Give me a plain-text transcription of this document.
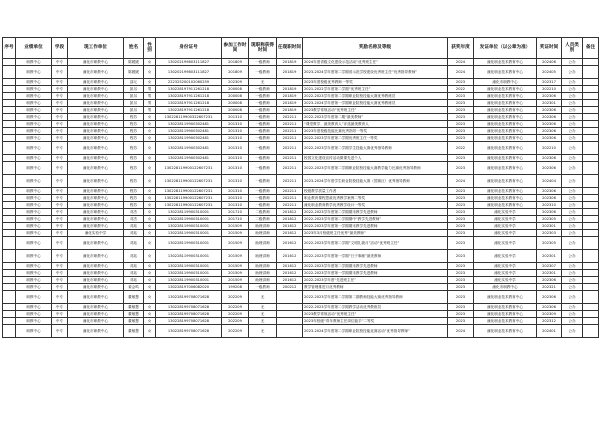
序号	业绩单位	学段	现工作单位	姓名	性别	身份证号	参加工作时间	现职称获得时间	任现职时间	奖励名称及等级	获奖年度	发证单位（以公章为准）	奖证时间	人员类别	备注
	职教中心	中专	潼化市职教中心	陈媛媛	女	130202199803111827	201809	一级教师	201819	2024年度省级文化建设示范活动“优秀班主任”	2024	潼化职业技术教育中心	202406	公办	
	职教中心	中专	潼化市职教中心	陈媛媛	女	130202199803111827	201809	一级教师	201819	2023-2024学年度第二学期省示范学校建设优秀班主任“优秀指导教师”	2024	潼化职业技术教育中心	202405	公办	
	职教中心	中专	潼化市职教中心	邵元	女	222325200102060259	202309	无		2023年度校级优秀教师一等奖	2023	潼化市职教中心	202317	公办	
	职教中心	中专	潼化市职教中心	凯另	男	130228197911261218	200008	一级教师	201819	2021-2022学年度第二学期“优秀班主任”	2022	潼化职业技术教育中心	202210	公办	
	职教中心	中专	潼化市职教中心	凯另	男	130228197911261218	200008	一级教师	201819	2022-2023学年度第二学期职业院校技能大赛优秀教练员	2023	潼化职业技术教育中心	202306	公办	
	职教中心	中专	潼化市职教中心	凯另	男	130228197911261218	200008	一级教师	201819	2023-2024学年度第一学期职业院校技能大赛优秀教练员	2023	潼化职业技术教育中心	202301	公办	
	职教中心	中专	潼化市职教中心	凯另	男	130228197911261218	200008	一级教师	201819	2023教学常规活动“优秀班主任”	2023	潼化职业技术教育中心	202306	公办	
	职教中心	中专	潼化市职教中心	程苏	女	130228119900322607231	201310	一级教师	202211	2022-2023学年度第二期“最美教师”	2023	潼化职业技术教育中心	202306	公办	
	职教中心	中专	潼化市职教中心	程苏	女	130228119900302481	201310	一级教师	202211	“课堂教学、最美教育人”评选最美教育人	2023	潼化职业技术教育中心	202306	公办	
	职教中心	中专	潼化市职教中心	程苏	女	130228119900302481	201310	一级教师	202211	2023年度校级技能比赛优秀指导一等奖	2023	潼化职业技术教育中心	202306	公办	
	职教中心	中专	潼化市职教中心	程苏	女	130228119900302481	201310	一级教师	202211	2022-2023学年度第二学期优秀班主任一等奖	2023	潼化职业技术教育中心	202306	公办	
	职教中心	中专	潼化市职教中心	程苏	女	130228119900302481	201310	一级教师	202211	2022-2023学年度第二学期学生技能大赛优秀指导教师	2022	潼化职业技术教育中心	202210	公办	
	职教中心	中专	潼化市职教中心	程苏	女	130228119900302481	201310	一级教师	202211	校园文化建设宣传活动微课先进个人	2023	潼化职业技术教育中心	202306	公办	
	职教中心	中专	潼化市职教中心	程苏	女	130228119900122607231	201310	一级教师	202211	2022-2023学年度第二学期职业院校技能大赛教学能力比赛优秀指导教师	2023	潼化职业技术教育中心	202306	公办	
	职教中心	中专	潼化市职教中心	程苏	女	130228119900122607231	201310	一级教师	202211	2023-2024学年度学生职业院校技能大赛（国赛区）优秀指导教师	2024	潼化职业技术教育中心	202404	公办	
	职教中心	中专	潼化市职教中心	程苏	女	130228119900122607231	201310	一级教师	202211	校级教学质量工作者	2023	潼化职业技术教育中心	202306	公办	
	职教中心	中专	潼化市职教中心	程苏	女	130228119900122607231	201310	一级教师	202211	职业教育课程思政优秀教学案例二等奖	2023	潼化职业技术教育中心	202306	公办	
	职教中心	中专	潼化市职教中心	程苏	女	130228119900122607231	201310	一级教师	202211	潼化职业教育教学优秀教学设计一等奖	2023	潼化职业技术教育中心	202310	公办	
	职教中心	中专	潼化市职教中心	邓杰	女	130228119900310001	201710	二级教师	201812	2022-2023学年度第二学期期末教学先进教师	2023	潼化实验中学	202306	公办	
	职教中心	中专	潼化市职教中心	邓杰	女	130228119900310001	201710	二级教师	201812	2022-2023学年度第二学期期中“教学先进教师”	2023	潼化实验中学	202305	公办	
	职教中心	中专	潼化市职教中心	邓珏	女	130228119900310001	201509	助理讲师	201612	2022-2023学年度第一学期期末教学先进教师	2023	潼化实验中学	202301	公办	
	职教中心	中专	潼化实验中学	邓珏	女	130228119900310001	201509	助理讲师	201612	2023年3月校级班主任优秀“最美教师”	2023	潼化实验中学	202303	公办	
	职教中心	中专	潼化市职教中心	邓珏	女	130228119900310001	201509	助理讲师	201612	2022-2023学年度第二学期“文明礼貌月”活动“优秀班主任”	2023	潼化实验中学	202305	公办	
	职教中心	中专	潼化市职教中心	邓珏	女	130228119900310001	201509	助理讲师	201612	2022-2023学年度第一学期“日于事献”最美教师	2023	潼化实验中学	202301	公办	
	职教中心	中专	潼化市职教中心	邓珏	女	130228119900310001	201509	助理讲师	201612	2022-2023学年度第二学期期末教学先进教师	2023	潼化实验中学	202307	公办	
	职教中心	中专	潼化市职教中心	邓珏	女	130228119900310001	201509	助理讲师	201612	2022-2023学年度第一学期期末教学先进教师	2023	潼化实验中学	202301	公办	
	职教中心	中专	潼化市职教中心	邓珏	女	130228119900310001	201509	助理讲师	201612	2022-2023学年度“先进班主任”	2023	潼化实验中学	202306	公办	
	职教中心	中专	潼化市职教中心	姜会鸣	女	130228197006082020	199208	一级教师	200212	教学管理推进月优秀教师	2023	潼化市职教中心	202321	公办	
	职教中心	中专	潼化市职教中心	董敏慧	女	130228199708071628	202209	无		2022-2023学年度第二学期第二期教师技能大赛优秀指导教师	2023	潼化职业技术教育中心	202306	公办	
	职教中心	中专	潼化市职教中心	董敏慧	女	130228199708071628	202209	无		2022-2023学年度第二学期教学活动优秀教练员	2023	潼化职业技术教育中心	202306	公办	
	职教中心	中专	潼化市职教中心	董敏慧	女	130228199708071628	202209	无		2023教学常规活动“优秀班主任”	2023	潼化职业技术教育中心	202309	公办	
	职教中心	中专	潼化市职教中心	董敏慧	女	130228199708071628	202209	无		2023年校级“青年教师主任岗位能手”二等奖	2023	潼化职业技术教育中心	202312	公办	
	职教中心	中专	潼化市职教中心	董敏慧	女	130228199708071628	202209	无		2023-2024学年度第二学期职业院校技能竞赛活动“优秀指导教师”	2024	潼化职业技术教育中心	202401	公办	
